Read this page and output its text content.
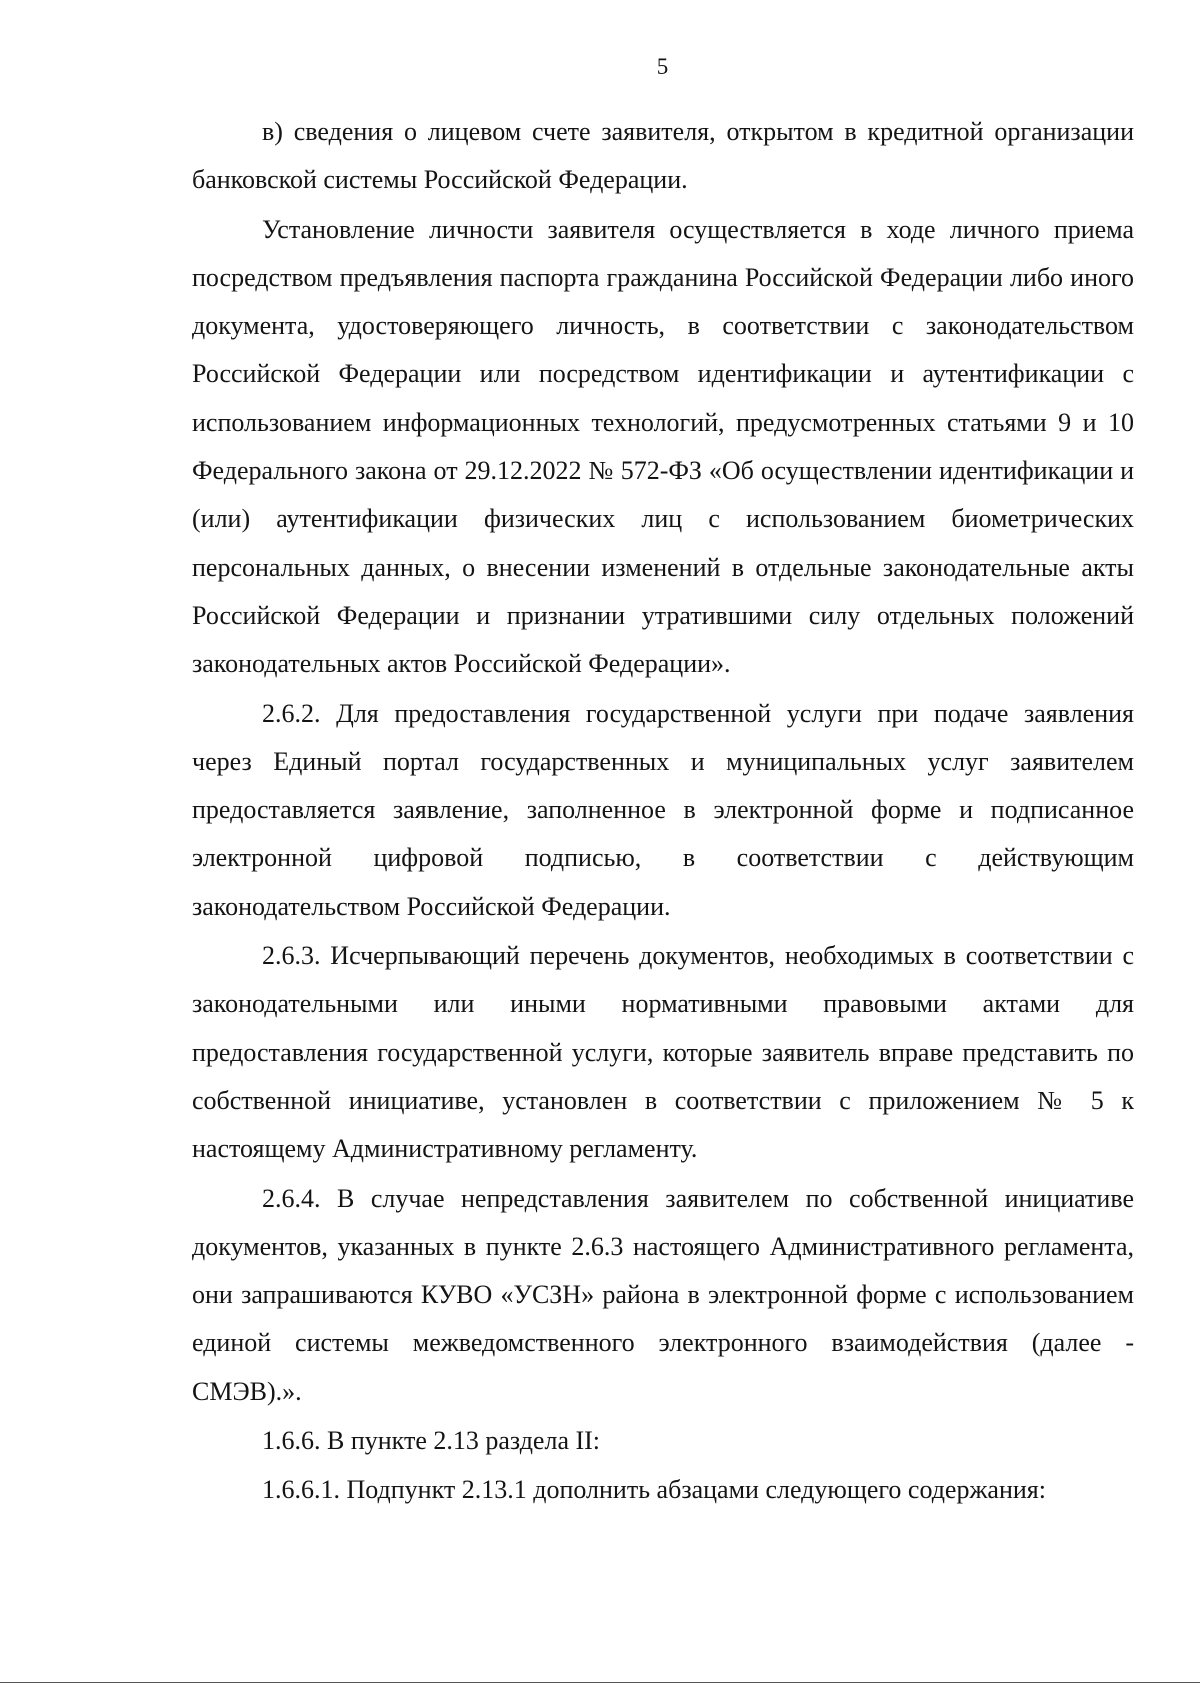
5

в) сведения о лицевом счете заявителя, открытом в кредитной организации банковской системы Российской Федерации.

Установление личности заявителя осуществляется в ходе личного приема посредством предъявления паспорта гражданина Российской Федерации либо иного документа, удостоверяющего личность, в соответствии с законодательством Российской Федерации или посредством идентификации и аутентификации с использованием информационных технологий, предусмотренных статьями 9 и 10 Федерального закона от 29.12.2022 № 572-ФЗ «Об осуществлении идентификации и (или) аутентификации физических лиц с использованием биометрических персональных данных, о внесении изменений в отдельные законодательные акты Российской Федерации и признании утратившими силу отдельных положений законодательных актов Российской Федерации».

2.6.2. Для предоставления государственной услуги при подаче заявления через Единый портал государственных и муниципальных услуг заявителем предоставляется заявление, заполненное в электронной форме и подписанное электронной цифровой подписью, в соответствии с действующим законодательством Российской Федерации.

2.6.3. Исчерпывающий перечень документов, необходимых в соответствии с законодательными или иными нормативными правовыми актами для предоставления государственной услуги, которые заявитель вправе представить по собственной инициативе, установлен в соответствии с приложением № 5 к настоящему Административному регламенту.

2.6.4. В случае непредставления заявителем по собственной инициативе документов, указанных в пункте 2.6.3 настоящего Административного регламента, они запрашиваются КУВО «УСЗН» района в электронной форме с использованием единой системы межведомственного электронного взаимодействия (далее - СМЭВ).».

1.6.6. В пункте 2.13 раздела II:

1.6.6.1. Подпункт 2.13.1 дополнить абзацами следующего содержания:
